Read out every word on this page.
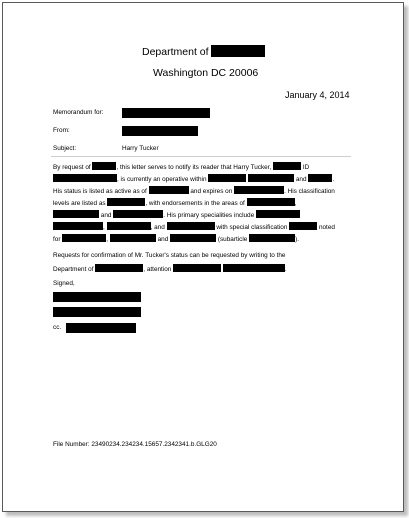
Department of
Washington DC 20006
January 4, 2014
Memorandum for:
From:
Subject:	Harry Tucker
By request of	, this letter serves to notify its reader that Harry Tucker,	ID
, is currently an operative within	and	.
His status is listed as active as of	and expires on	. His classification
levels are listed as	, with endorsements in the areas of	,
and	. His primary specialities include
,	, and	with special classification	noted
for	,	and	(subarticle	).
Requests for confirmation of Mr. Tucker's status can be requested by writing to the
Department of	, attention	.
Signed,
cc.
File Number: 23490234.234234.15657.2342341.b.GLG20
